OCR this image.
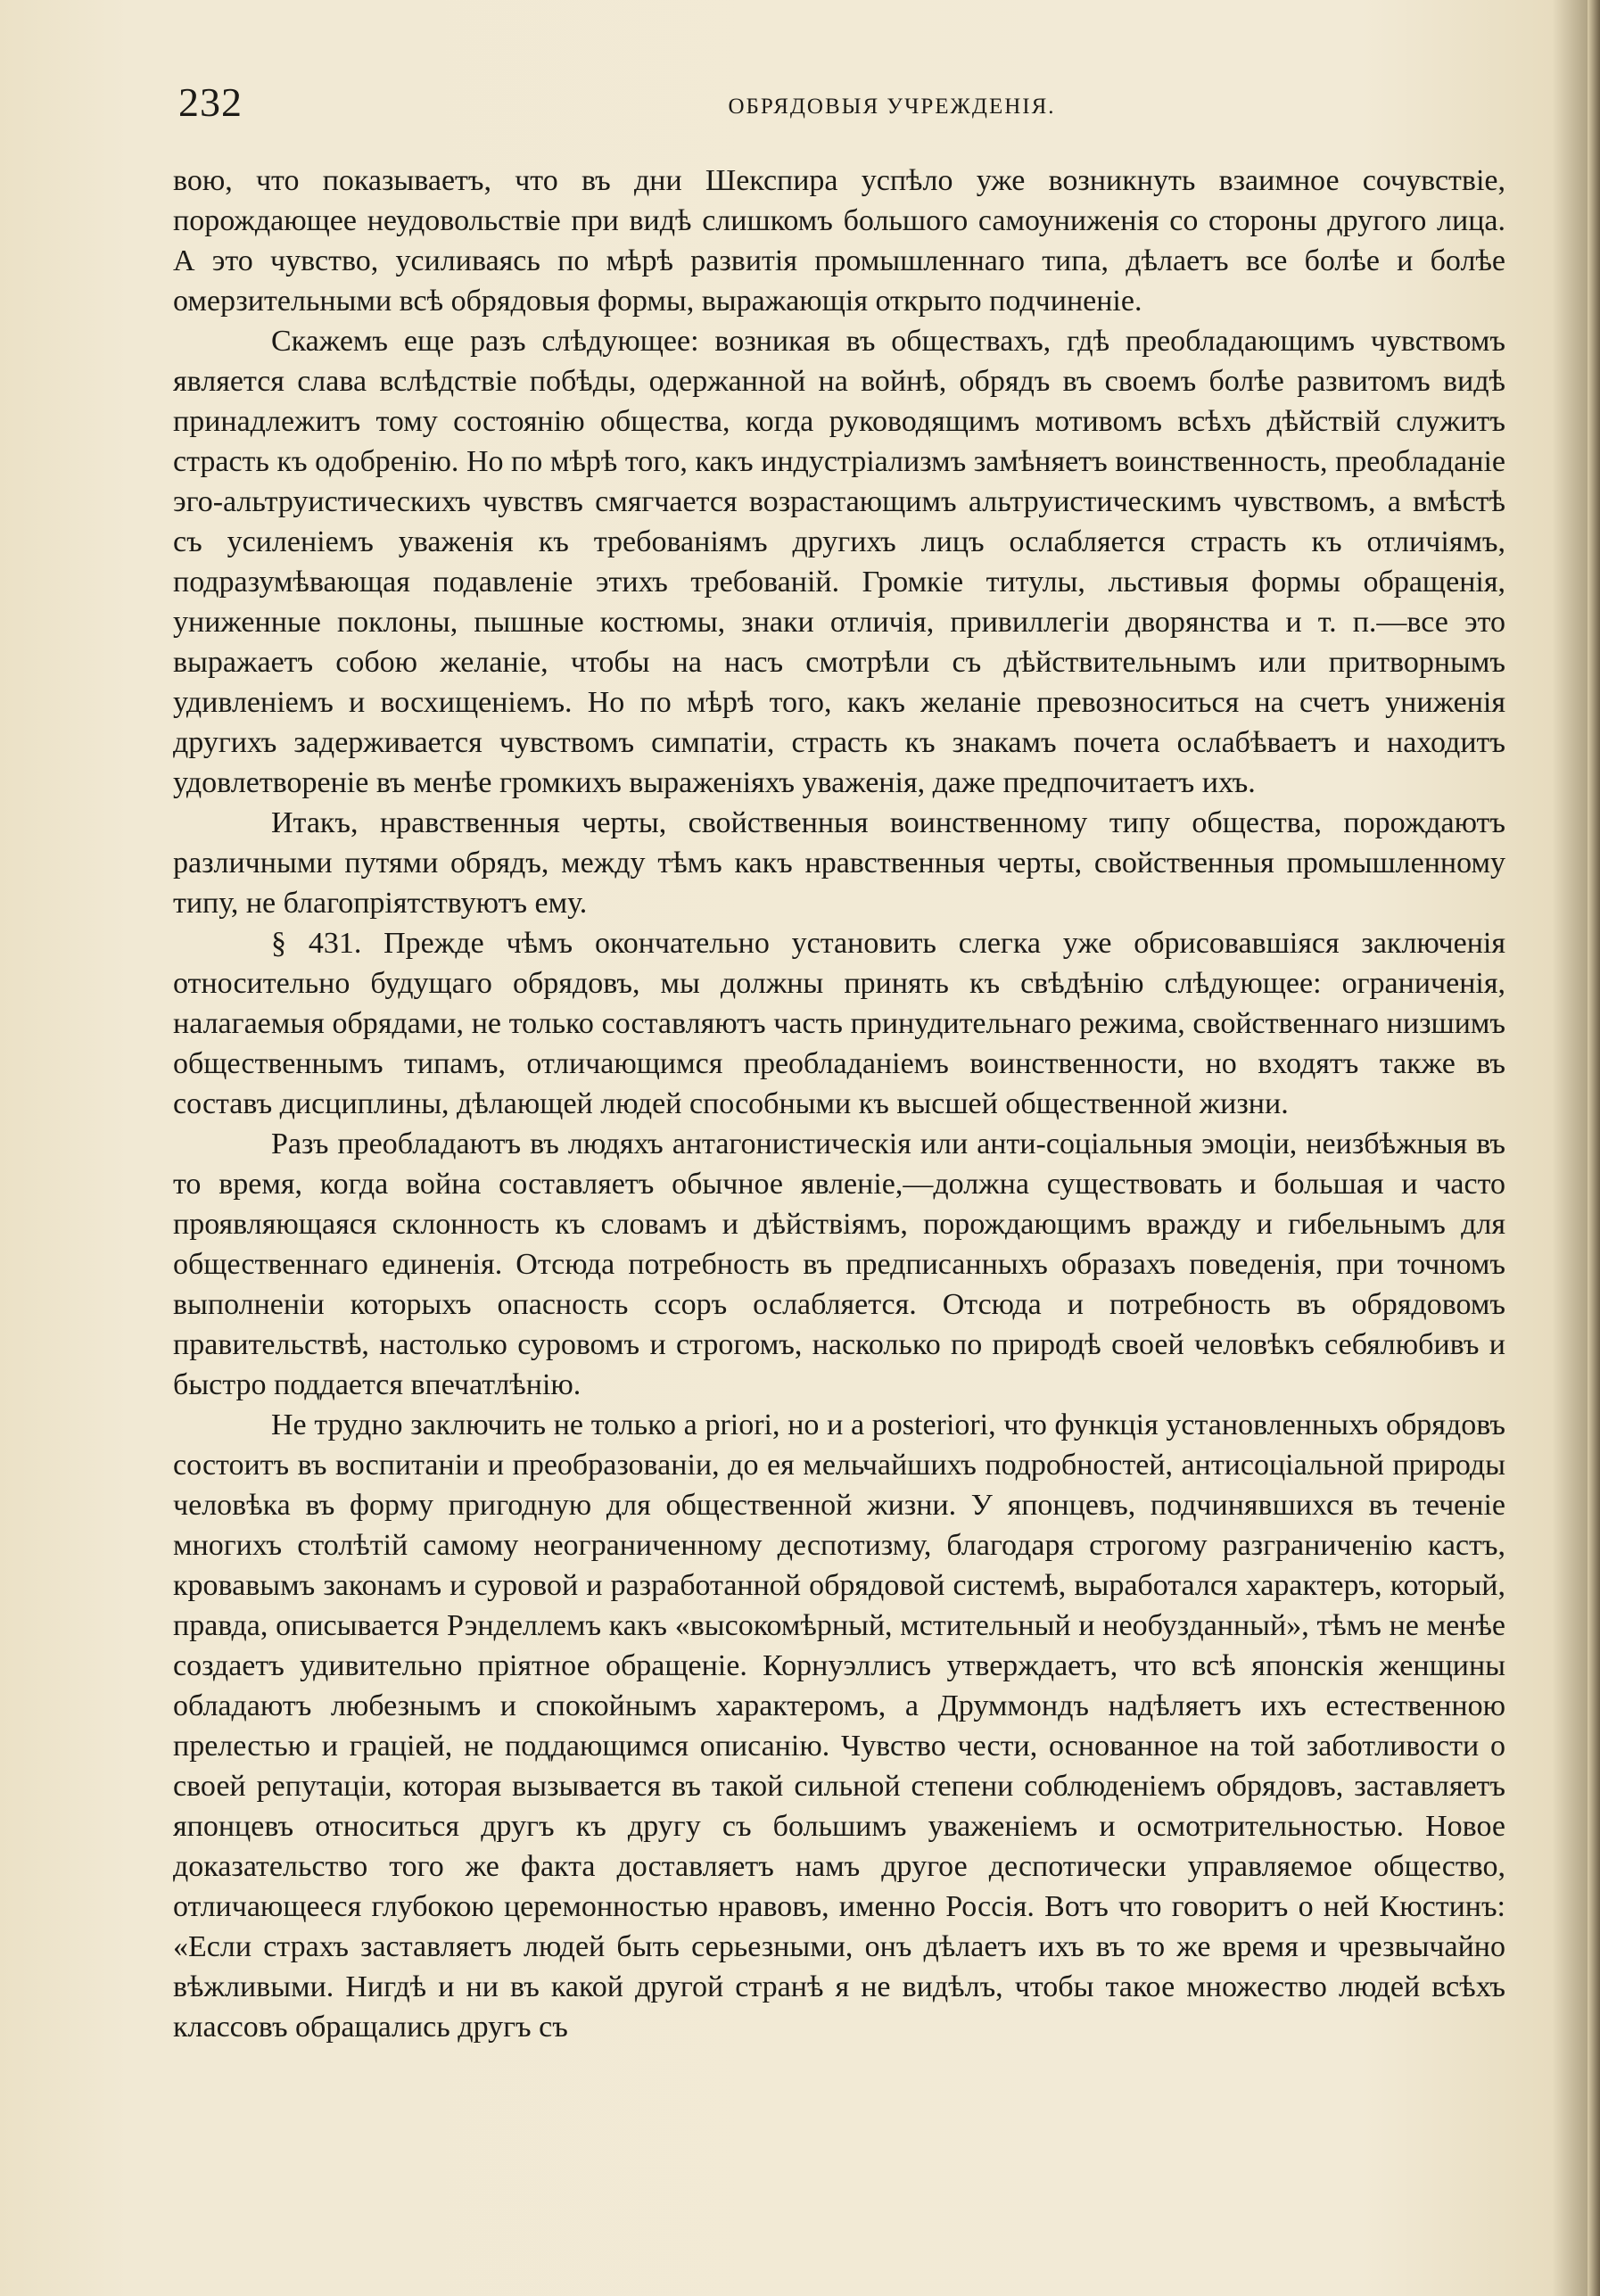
232	ОБРЯДОВЫЯ УЧРЕЖДЕНІЯ.

вою, что показываетъ, что въ дни Шекспира успѣло уже возникнуть взаимное сочувствіе, порождающее неудовольствіе при видѣ слишкомъ большого самоуниженія со стороны другого лица. А это чувство, усиливаясь по мѣрѣ развитія промышленнаго типа, дѣлаетъ все болѣе и болѣе омерзительными всѣ обрядовыя формы, выражающія открыто подчиненіе.

Скажемъ еще разъ слѣдующее: возникая въ обществахъ, гдѣ преобладающимъ чувствомъ является слава вслѣдствіе побѣды, одержанной на войнѣ, обрядъ въ своемъ болѣе развитомъ видѣ принадлежитъ тому состоянію общества, когда руководящимъ мотивомъ всѣхъ дѣйствій служитъ страсть къ одобренію. Но по мѣрѣ того, какъ индустріализмъ замѣняетъ воинственность, преобладаніе эго-альтруистическихъ чувствъ смягчается возрастающимъ альтруистическимъ чувствомъ, а вмѣстѣ съ усиленіемъ уваженія къ требованіямъ другихъ лицъ ослабляется страсть къ отличіямъ, подразумѣвающая подавленіе этихъ требованій. Громкіе титулы, льстивыя формы обращенія, униженные поклоны, пышные костюмы, знаки отличія, привиллегіи дворянства и т. п.—все это выражаетъ собою желаніе, чтобы на насъ смотрѣли съ дѣйствительнымъ или притворнымъ удивленіемъ и восхищеніемъ. Но по мѣрѣ того, какъ желаніе превозноситься на счетъ униженія другихъ задерживается чувствомъ симпатіи, страсть къ знакамъ почета ослабѣваетъ и находитъ удовлетвореніе въ менѣе громкихъ выраженіяхъ уваженія, даже предпочитаетъ ихъ.

Итакъ, нравственныя черты, свойственныя воинственному типу общества, порождаютъ различными путями обрядъ, между тѣмъ какъ нравственныя черты, свойственныя промышленному типу, не благопріятствуютъ ему.

§ 431. Прежде чѣмъ окончательно установить слегка уже обрисовавшіяся заключенія относительно будущаго обрядовъ, мы должны принять къ свѣдѣнію слѣдующее: ограниченія, налагаемыя обрядами, не только составляютъ часть принудительнаго режима, свойственнаго низшимъ общественнымъ типамъ, отличающимся преобладаніемъ воинственности, но входятъ также въ составъ дисциплины, дѣлающей людей способными къ высшей общественной жизни.

Разъ преобладаютъ въ людяхъ антагонистическія или анти-соціальныя эмоціи, неизбѣжныя въ то время, когда война составляетъ обычное явленіе,—должна существовать и большая и часто проявляющаяся склонность къ словамъ и дѣйствіямъ, порождающимъ вражду и гибельнымъ для общественнаго единенія. Отсюда потребность въ предписанныхъ образахъ поведенія, при точномъ выполненіи которыхъ опасность ссоръ ослабляется. Отсюда и потребность въ обрядовомъ правительствѣ, настолько суровомъ и строгомъ, насколько по природѣ своей человѣкъ себялюбивъ и быстро поддается впечатлѣнію.

Не трудно заключить не только a priori, но и a posteriori, что функція установленныхъ обрядовъ состоитъ въ воспитаніи и преобразованіи, до ея мельчайшихъ подробностей, антисоціальной природы человѣка въ форму пригодную для общественной жизни. У японцевъ, подчинявшихся въ теченіе многихъ столѣтій самому неограниченному деспотизму, благодаря строгому разграниченію кастъ, кровавымъ законамъ и суровой и разработанной обрядовой системѣ, выработался характеръ, который, правда, описывается Рэнделлемъ какъ «высокомѣрный, мстительный и необузданный», тѣмъ не менѣе создаетъ удивительно пріятное обращеніе. Корнуэллисъ утверждаетъ, что всѣ японскія женщины обладаютъ любезнымъ и спокойнымъ характеромъ, а Друммондъ надѣляетъ ихъ естественною прелестью и граціей, не поддающимся описанію. Чувство чести, основанное на той заботливости о своей репутаціи, которая вызывается въ такой сильной степени соблюденіемъ обрядовъ, заставляетъ японцевъ относиться другъ къ другу съ большимъ уваженіемъ и осмотрительностью. Новое доказательство того же факта доставляетъ намъ другое деспотически управляемое общество, отличающееся глубокою церемонностью нравовъ, именно Россія. Вотъ что говоритъ о ней Кюстинъ: «Если страхъ заставляетъ людей быть серьезными, онъ дѣлаетъ ихъ въ то же время и чрезвычайно вѣжливыми. Нигдѣ и ни въ какой другой странѣ я не видѣлъ, чтобы такое множество людей всѣхъ классовъ обращались другъ съ
